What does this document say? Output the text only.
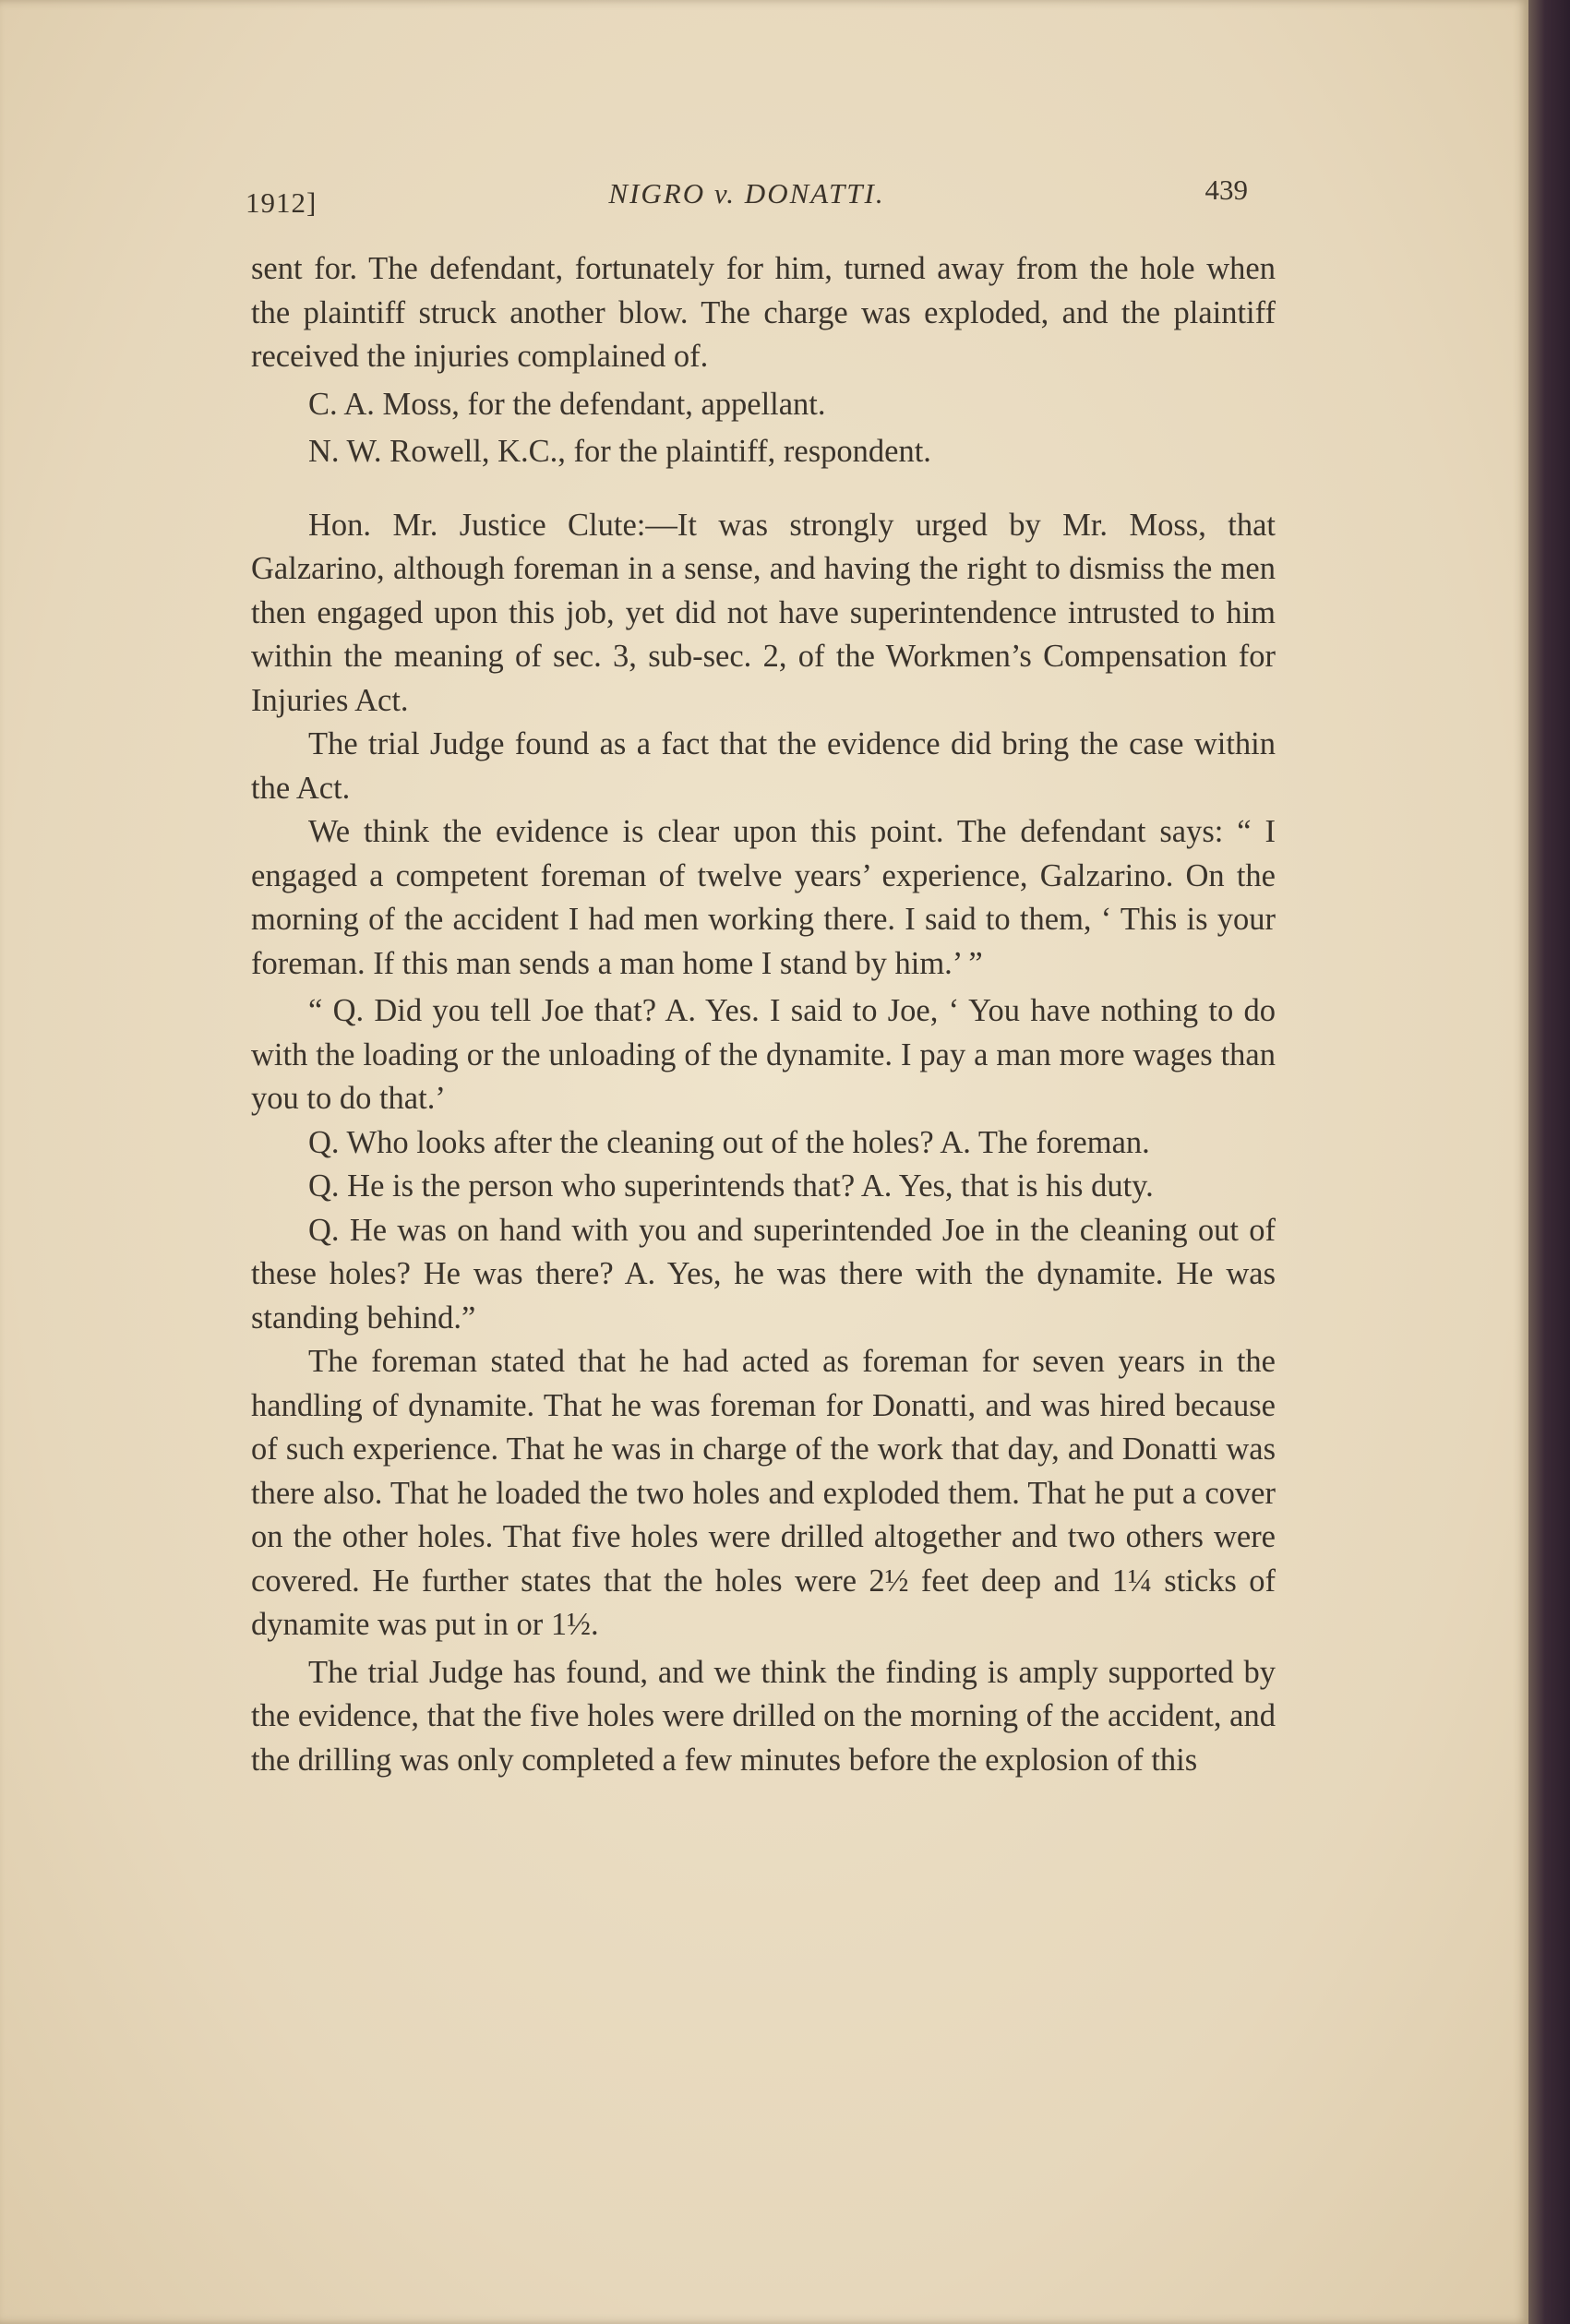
1912]	NIGRO v. DONATTI.	439

sent for. The defendant, fortunately for him, turned away from the hole when the plaintiff struck another blow. The charge was exploded, and the plaintiff received the injuries complained of.

C. A. Moss, for the defendant, appellant.

N. W. Rowell, K.C., for the plaintiff, respondent.

Hon. Mr. Justice Clute:—It was strongly urged by Mr. Moss, that Galzarino, although foreman in a sense, and having the right to dismiss the men then engaged upon this job, yet did not have superintendence intrusted to him within the meaning of sec. 3, sub-sec. 2, of the Workmen’s Compensation for Injuries Act.

The trial Judge found as a fact that the evidence did bring the case within the Act.

We think the evidence is clear upon this point. The defendant says: “ I engaged a competent foreman of twelve years’ experience, Galzarino. On the morning of the accident I had men working there. I said to them, ‘ This is your foreman. If this man sends a man home I stand by him.’ ”

“ Q. Did you tell Joe that? A. Yes. I said to Joe, ‘ You have nothing to do with the loading or the unloading of the dynamite. I pay a man more wages than you to do that.’

Q. Who looks after the cleaning out of the holes? A. The foreman.

Q. He is the person who superintends that? A. Yes, that is his duty.

Q. He was on hand with you and superintended Joe in the cleaning out of these holes? He was there? A. Yes, he was there with the dynamite. He was standing behind.”

The foreman stated that he had acted as foreman for seven years in the handling of dynamite. That he was foreman for Donatti, and was hired because of such experience. That he was in charge of the work that day, and Donatti was there also. That he loaded the two holes and exploded them. That he put a cover on the other holes. That five holes were drilled altogether and two others were covered. He further states that the holes were 2½ feet deep and 1¼ sticks of dynamite was put in or 1½.

The trial Judge has found, and we think the finding is amply supported by the evidence, that the five holes were drilled on the morning of the accident, and the drilling was only completed a few minutes before the explosion of this
